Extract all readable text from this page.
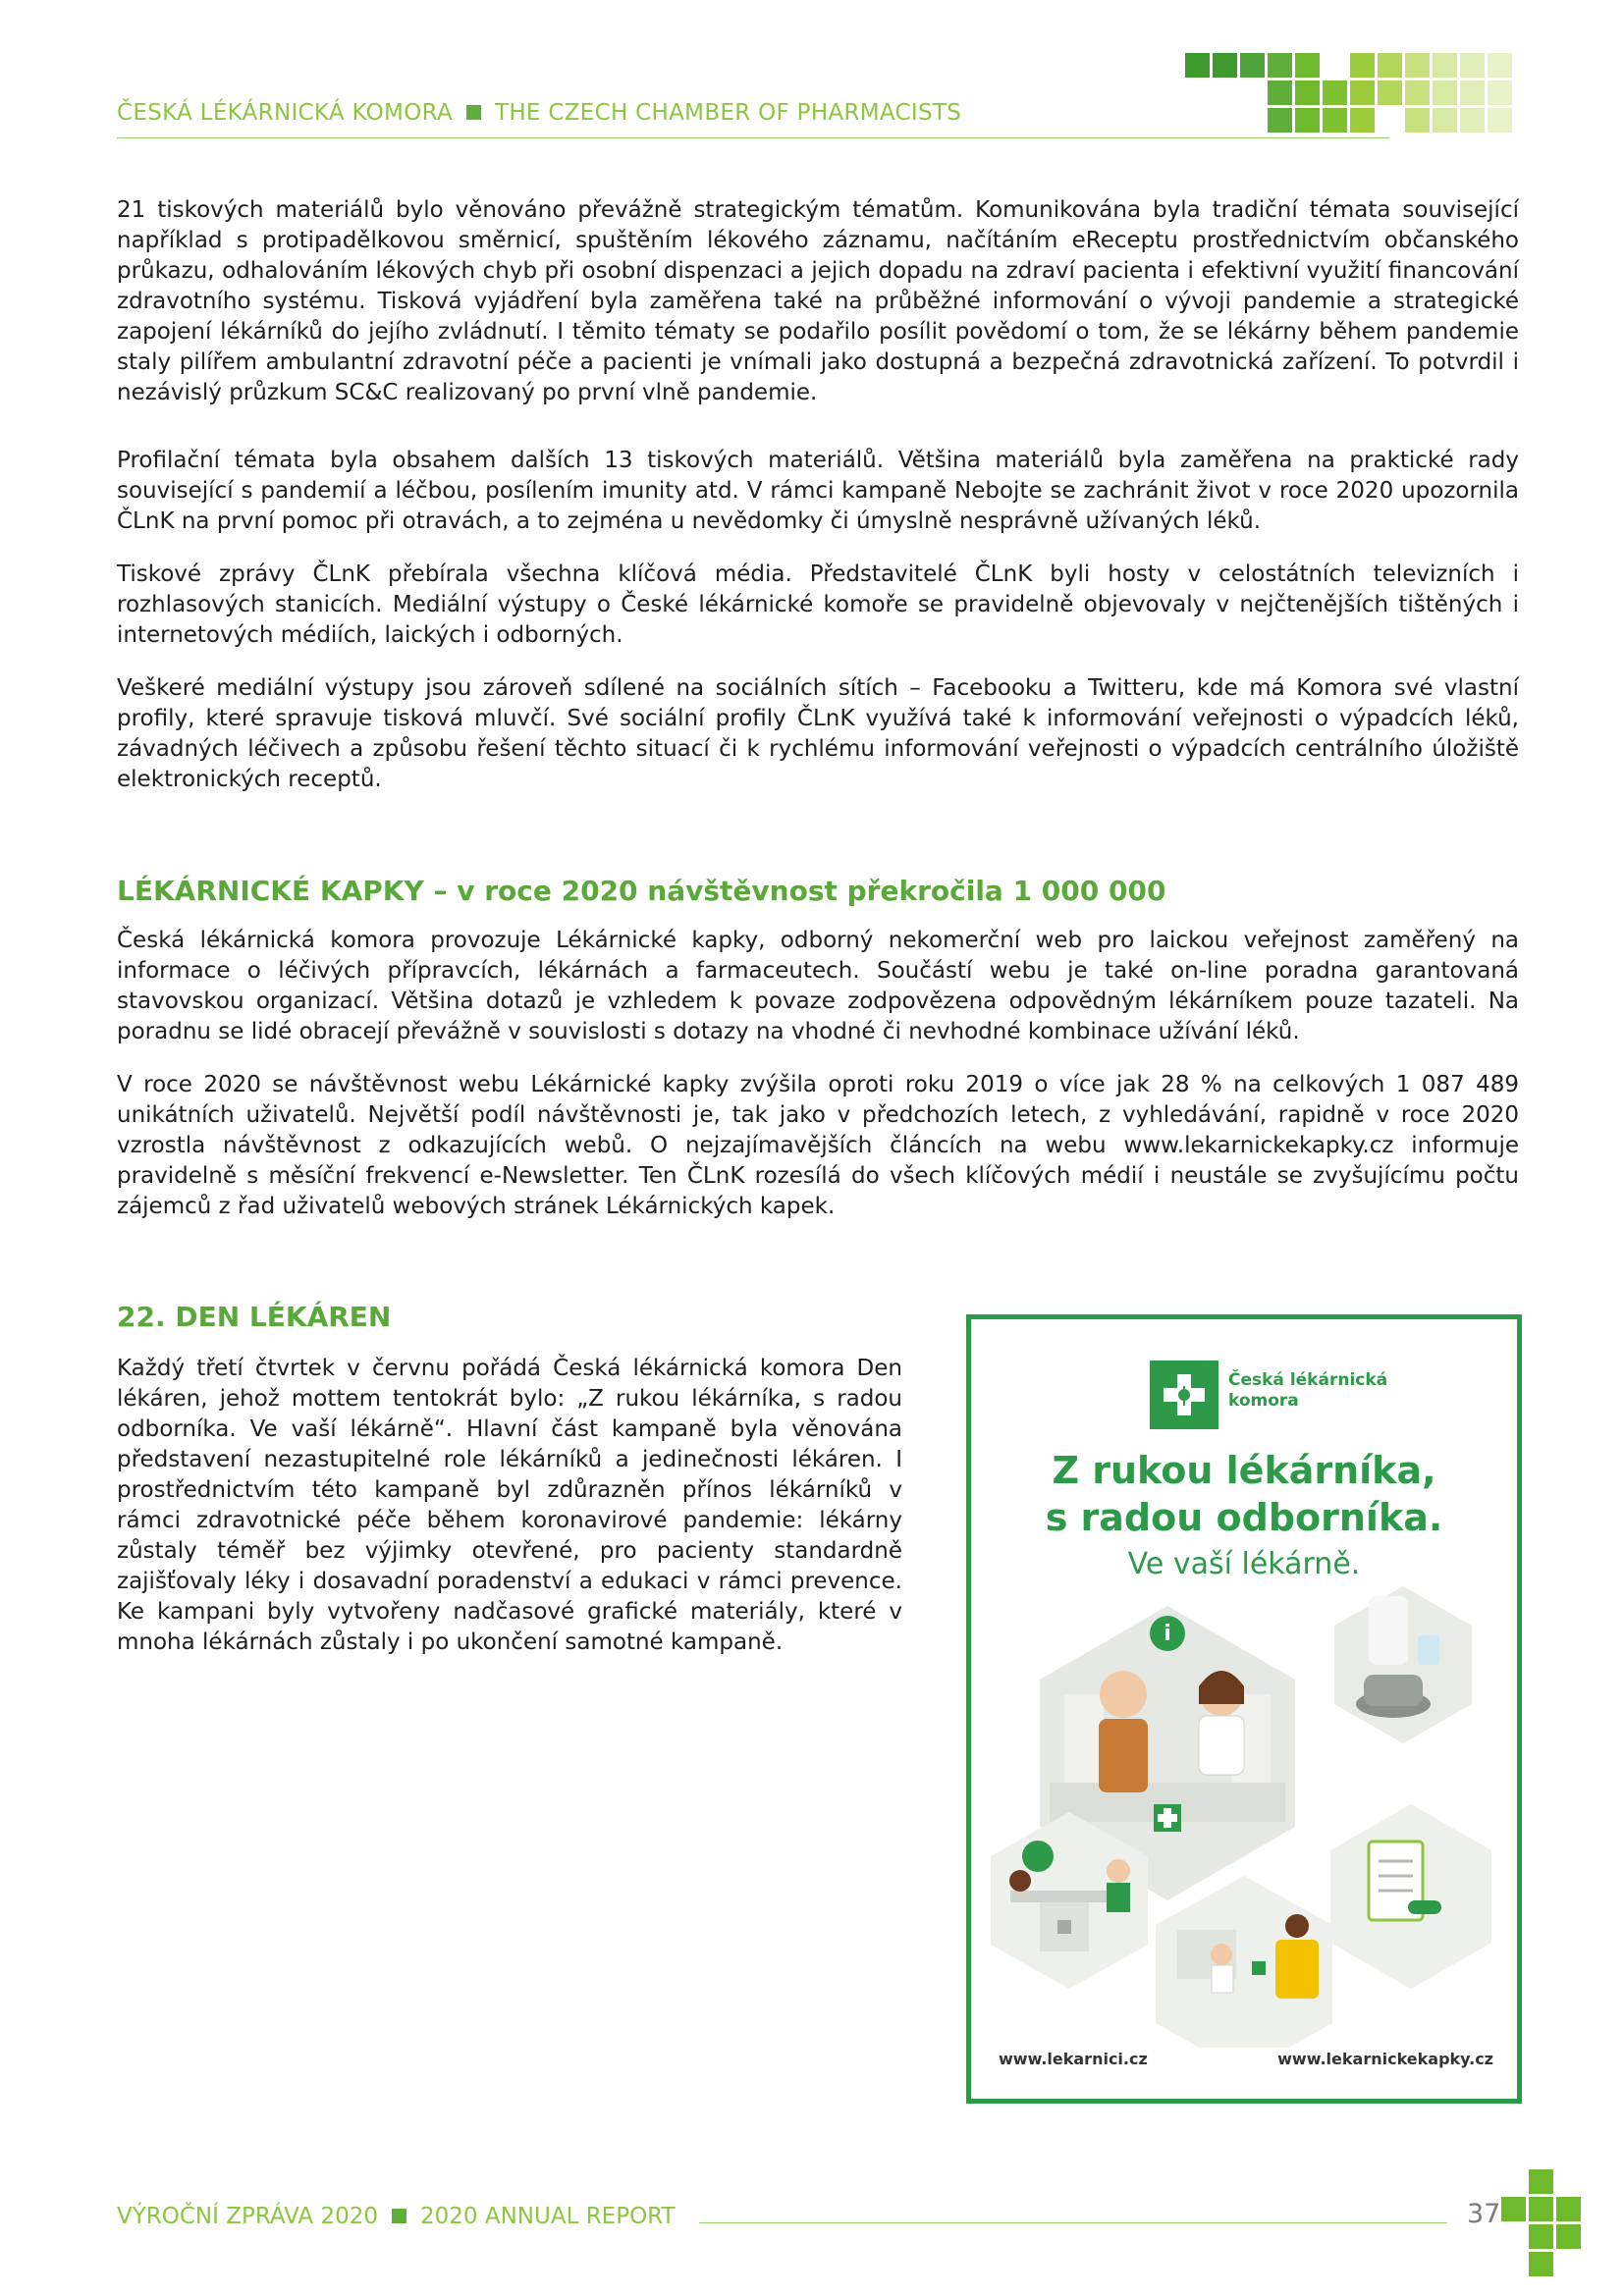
ČESKÁ LÉKÁRNICKÁ KOMORA THE CZECH CHAMBER OF PHARMACISTS

21 tiskových materiálů bylo věnováno převážně strategickým tématům. Komunikována byla tradiční témata související například s protipadělkovou směrnicí, spuštěním lékového záznamu, načítáním eReceptu prostřednictvím občanského průkazu, odhalováním lékových chyb při osobní dispenzaci a jejich dopadu na zdraví pacienta i efektivní využití financování zdravotního systému. Tisková vyjádření byla zaměřena také na průběžné informování o vývoji pandemie a strategické zapojení lékárníků do jejího zvládnutí. I těmito tématy se podařilo posílit povědomí o tom, že se lékárny během pandemie staly pilířem ambulantní zdravotní péče a pacienti je vnímali jako dostupná a bezpečná zdravotnická zařízení. To potvrdil i nezávislý průzkum SC&C realizovaný po první vlně pandemie.

Profilační témata byla obsahem dalších 13 tiskových materiálů. Většina materiálů byla zaměřena na praktické rady související s pandemií a léčbou, posílením imunity atd. V rámci kampaně Nebojte se zachránit život v roce 2020 upozornila ČLnK na první pomoc při otravách, a to zejména u nevědomky či úmyslně nesprávně užívaných léků.

Tiskové zprávy ČLnK přebírala všechna klíčová média. Představitelé ČLnK byli hosty v celostátních televizních i rozhlasových stanicích. Mediální výstupy o České lékárnické komoře se pravidelně objevovaly v nejčtenějších tištěných i internetových médiích, laických i odborných.

Veškeré mediální výstupy jsou zároveň sdílené na sociálních sítích – Facebooku a Twitteru, kde má Komora své vlastní profily, které spravuje tisková mluvčí. Své sociální profily ČLnK využívá také k informování veřejnosti o výpadcích léků, závadných léčivech a způsobu řešení těchto situací či k rychlému informování veřejnosti o výpadcích centrálního úložiště elektronických receptů.

LÉKÁRNICKÉ KAPKY – v roce 2020 návštěvnost překročila 1 000 000

Česká lékárnická komora provozuje Lékárnické kapky, odborný nekomerční web pro laickou veřejnost zaměřený na informace o léčivých přípravcích, lékárnách a farmaceutech. Součástí webu je také on-line poradna garantovaná stavovskou organizací. Většina dotazů je vzhledem k povaze zodpovězena odpovědným lékárníkem pouze tazateli. Na poradnu se lidé obracejí převážně v souvislosti s dotazy na vhodné či nevhodné kombinace užívání léků.

V roce 2020 se návštěvnost webu Lékárnické kapky zvýšila oproti roku 2019 o více jak 28 % na celkových 1 087 489 unikátních uživatelů. Největší podíl návštěvnosti je, tak jako v předchozích letech, z vyhledávání, rapidně v roce 2020 vzrostla návštěvnost z odkazujících webů. O nejzajímavějších článcích na webu www.lekarnickekapky.cz informuje pravidelně s měsíční frekvencí e-Newsletter. Ten ČLnK rozesílá do všech klíčových médií i neustále se zvyšujícímu počtu zájemců z řad uživatelů webových stránek Lékárnických kapek.

22. DEN LÉKÁREN

Každý třetí čtvrtek v červnu pořádá Česká lékárnická komora Den lékáren, jehož mottem tentokrát bylo: „Z rukou lékárníka, s radou odborníka. Ve vaší lékárně“. Hlavní část kampaně byla věnována představení nezastupitelné role lékárníků a jedinečnosti lékáren. I prostřednictvím této kampaně byl zdůrazněn přínos lékárníků v rámci zdravotnické péče během koronavirové pandemie: lékárny zůstaly téměř bez výjimky otevřené, pro pacienty standardně zajišťovaly léky i dosavadní poradenství a edukaci v rámci prevence. Ke kampani byly vytvořeny nadčasové grafické materiály, které v mnoha lékárnách zůstaly i po ukončení samotné kampaně.

Česká lékárnická
komora
Z rukou lékárníka,
s radou odborníka.
Ve vaší lékárně.
i
www.lekarnici.cz	www.lekarnickekapky.cz
VÝROČNÍ ZPRÁVA 2020 2020 ANNUAL REPORT	37
